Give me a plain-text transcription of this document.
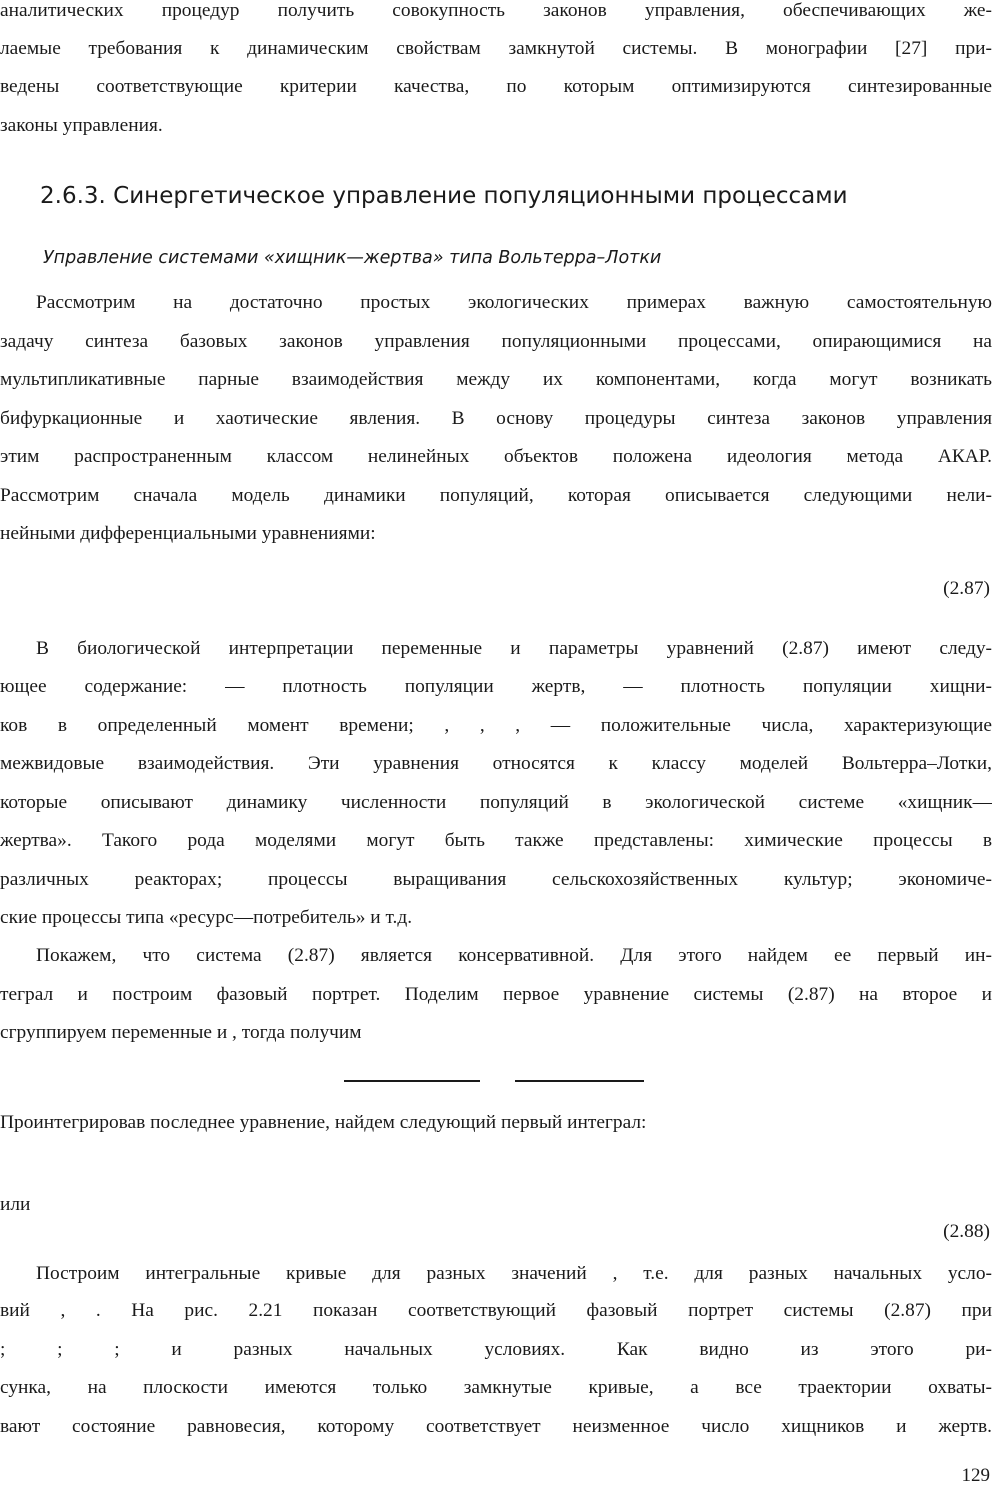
аналитических процедур получить совокупность законов управления, обеспечивающих же-

лаемые требования к динамическим свойствам замкнутой системы. В монографии [27] при-

ведены соответствующие критерии качества, по которым оптимизируются синтезированные

законы управления.

2.6.3. Синергетическое управление популяционными процессами
Управление системами «хищник—жертва» типа Вольтерра–Лотки

Рассмотрим на достаточно простых экологических примерах важную самостоятельную

задачу синтеза базовых законов управления популяционными процессами, опирающимися на

мультипликативные парные взаимодействия между их компонентами, когда могут возникать

бифуркационные и хаотические явления. В основу процедуры синтеза законов управления

этим распространенным классом нелинейных объектов положена идеология метода АКАР.

Рассмотрим сначала модель динамики популяций, которая описывается следующими нели-

нейными дифференциальными уравнениями:

(2.87)

В биологической интерпретации переменные и параметры уравнений (2.87) имеют следу-

ющее содержание: — плотность популяции жертв, — плотность популяции хищни-

ков в определенный момент времени; , , , — положительные числа, характеризующие

межвидовые взаимодействия. Эти уравнения относятся к классу моделей Вольтерра–Лотки,

которые описывают динамику численности популяций в экологической системе «хищник—

жертва». Такого рода моделями могут быть также представлены: химические процессы в

различных реакторах; процессы выращивания сельскохозяйственных культур; экономиче-

ские процессы типа «ресурс—потребитель» и т.д.

Покажем, что система (2.87) является консервативной. Для этого найдем ее первый ин-

теграл и построим фазовый портрет. Поделим первое уравнение системы (2.87) на второе и

сгруппируем переменные и , тогда получим

Проинтегрировав последнее уравнение, найдем следующий первый интеграл:

или

(2.88)

Построим интегральные кривые для разных значений , т.е. для разных начальных усло-

вий , . На рис. 2.21 показан соответствующий фазовый портрет системы (2.87) при

; ; ; и разных начальных условиях. Как видно из этого ри-

сунка, на плоскости имеются только замкнутые кривые, а все траектории охваты-

вают состояние равновесия, которому соответствует неизменное число хищников и жертв.

129
